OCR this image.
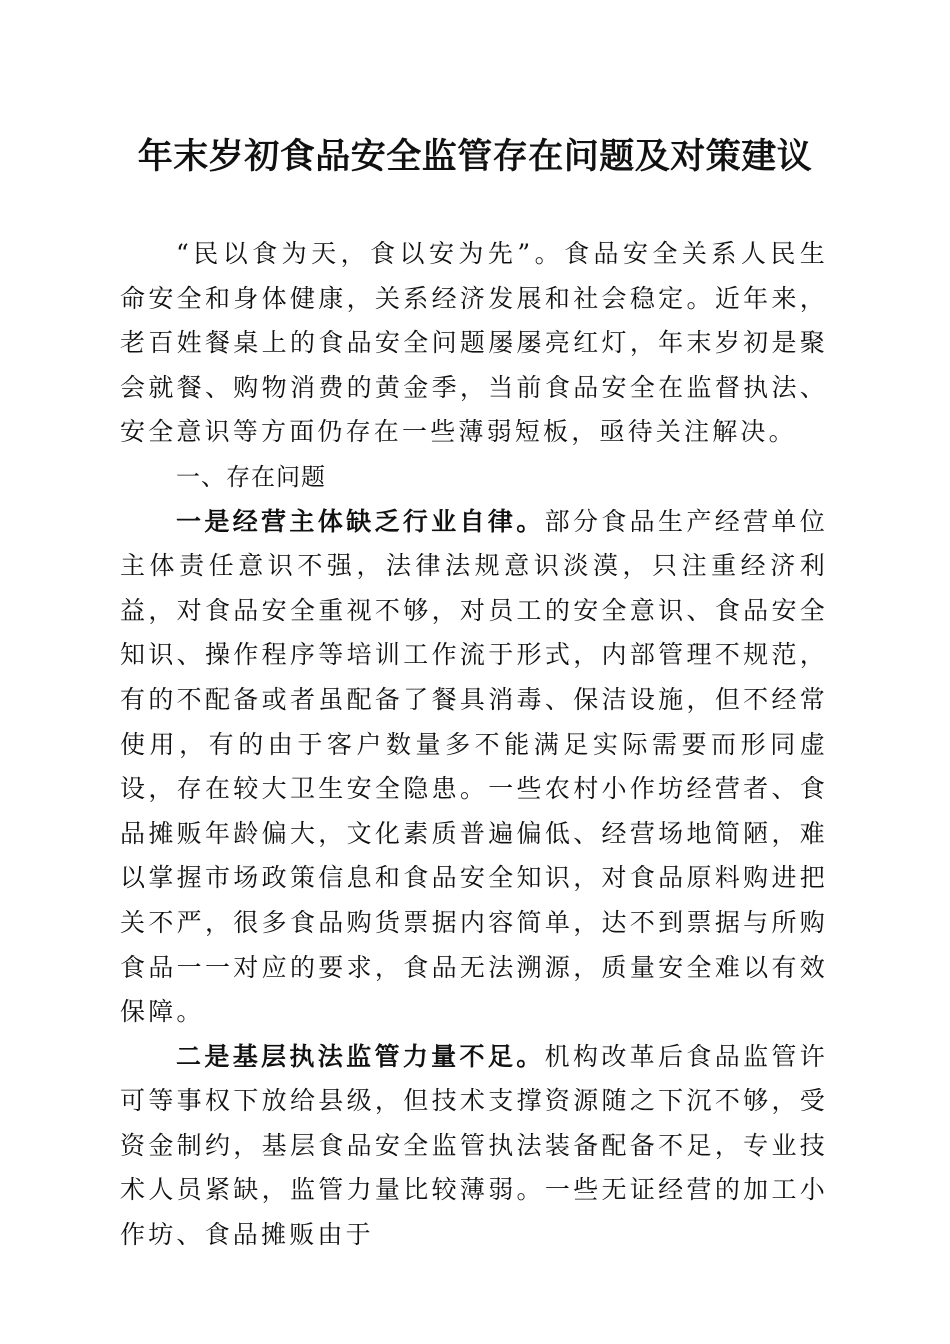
年末岁初食品安全监管存在问题及对策建议

“民以食为天，食以安为先”。食品安全关系人民生命安全和身体健康，关系经济发展和社会稳定。近年来，老百姓餐桌上的食品安全问题屡屡亮红灯，年末岁初是聚会就餐、购物消费的黄金季，当前食品安全在监督执法、安全意识等方面仍存在一些薄弱短板，亟待关注解决。

一、存在问题

一是经营主体缺乏行业自律。部分食品生产经营单位主体责任意识不强，法律法规意识淡漠，只注重经济利益，对食品安全重视不够，对员工的安全意识、食品安全知识、操作程序等培训工作流于形式，内部管理不规范，有的不配备或者虽配备了餐具消毒、保洁设施，但不经常使用，有的由于客户数量多不能满足实际需要而形同虚设，存在较大卫生安全隐患。一些农村小作坊经营者、食品摊贩年龄偏大，文化素质普遍偏低、经营场地简陋，难以掌握市场政策信息和食品安全知识，对食品原料购进把关不严，很多食品购货票据内容简单，达不到票据与所购食品一一对应的要求，食品无法溯源，质量安全难以有效保障。

二是基层执法监管力量不足。机构改革后食品监管许可等事权下放给县级，但技术支撑资源随之下沉不够，受资金制约，基层食品安全监管执法装备配备不足，专业技术人员紧缺，监管力量比较薄弱。一些无证经营的加工小作坊、食品摊贩由于
